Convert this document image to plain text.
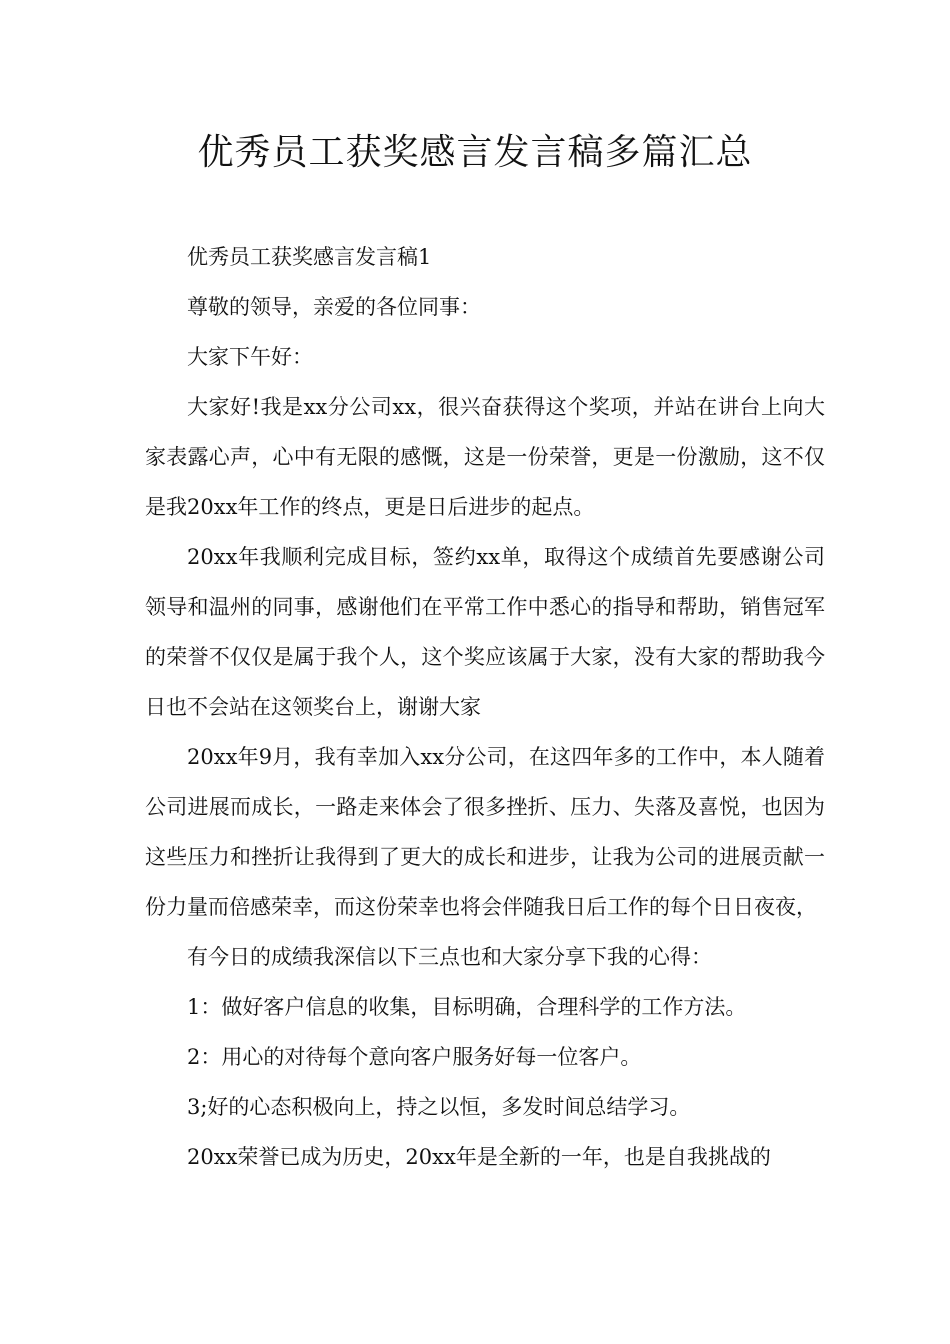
优秀员工获奖感言发言稿多篇汇总

优秀员工获奖感言发言稿1

尊敬的领导，亲爱的各位同事：

大家下午好：

大家好!我是xx分公司xx，很兴奋获得这个奖项，并站在讲台上向大家表露心声，心中有无限的感慨，这是一份荣誉，更是一份激励，这不仅是我20xx年工作的终点，更是日后进步的起点。

20xx年我顺利完成目标，签约xx单，取得这个成绩首先要感谢公司领导和温州的同事，感谢他们在平常工作中悉心的指导和帮助，销售冠军的荣誉不仅仅是属于我个人，这个奖应该属于大家，没有大家的帮助我今日也不会站在这领奖台上，谢谢大家

20xx年9月，我有幸加入xx分公司，在这四年多的工作中，本人随着公司进展而成长，一路走来体会了很多挫折、压力、失落及喜悦，也因为这些压力和挫折让我得到了更大的成长和进步，让我为公司的进展贡献一份力量而倍感荣幸，而这份荣幸也将会伴随我日后工作的每个日日夜夜，

有今日的成绩我深信以下三点也和大家分享下我的心得：

1：做好客户信息的收集，目标明确，合理科学的工作方法。

2：用心的对待每个意向客户服务好每一位客户。

3;好的心态积极向上，持之以恒，多发时间总结学习。

20xx荣誉已成为历史，20xx年是全新的一年，也是自我挑战的
